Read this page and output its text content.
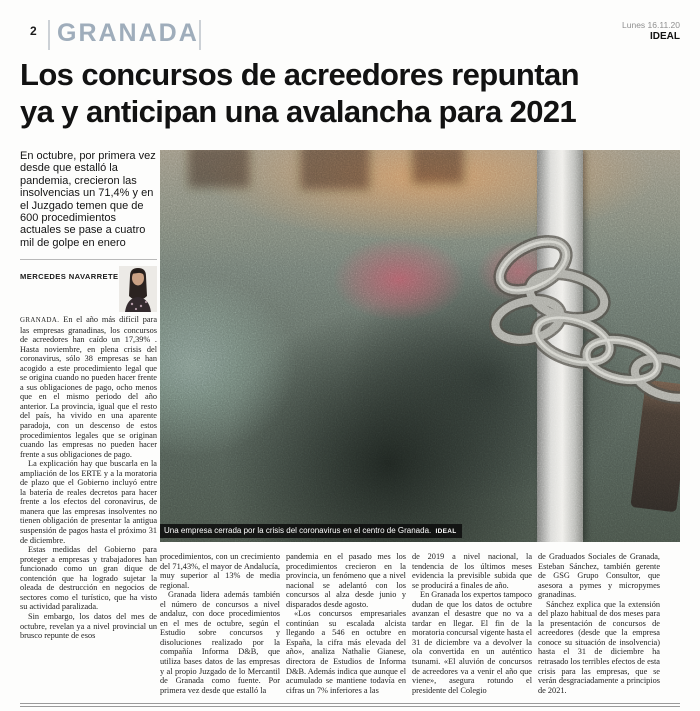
2 GRANADA	Lunes 16.11.20
IDEAL
Los concursos de acreedores repuntan
ya y anticipan una avalancha para 2021
En octubre, por primera vez desde que estalló la pandemia, crecieron las insolvencias un 71,4% y en el Juzgado temen que de 600 procedimientos actuales se pase a cuatro mil de golpe en enero
MERCEDES NAVARRETE
Una empresa cerrada por la crisis del coronavirus en el centro de Granada. IDEAL

GRANADA. En el año más difícil para las empresas granadinas, los concursos de acreedores han caído un 17,39% . Hasta noviembre, en plena crisis del coronavirus, sólo 38 empresas se han acogido a este procedimiento legal que se origina cuando no pueden hacer frente a sus obligaciones de pago, ocho menos que en el mismo periodo del año anterior. La provincia, igual que el resto del país, ha vivido en una aparente paradoja, con un descenso de estos procedimientos legales que se originan cuando las empresas no pueden hacer frente a sus obligaciones de pago.

La explicación hay que buscarla en la ampliación de los ERTE y a la moratoria de plazo que el Gobierno incluyó entre la batería de reales decretos para hacer frente a los efectos del coronavirus, de manera que las empresas insolventes no tienen obligación de presentar la antigua suspensión de pagos hasta el próximo 31 de diciembre.

Estas medidas del Gobierno para proteger a empresas y trabajadores han funcionado como un gran dique de contención que ha logrado sujetar la oleada de destrucción en negocios de sectores como el turístico, que ha visto su actividad paralizada.

Sin embargo, los datos del mes de octubre, revelan ya a nivel provincial un brusco repunte de esos

procedimientos, con un crecimiento del 71,43%, el mayor de Andalucía, muy superior al 13% de media regional.

Granada lidera además también el número de concursos a nivel andaluz, con doce procedimientos en el mes de octubre, según el Estudio sobre concursos y disoluciones realizado por la compañía Informa D&B, que utiliza bases datos de las empresas y al propio Juzgado de lo Mercantil de Granada como fuente. Por primera vez desde que estalló la

pandemia en el pasado mes los procedimientos crecieron en la provincia, un fenómeno que a nivel nacional se adelantó con los concursos al alza desde junio y disparados desde agosto.

«Los concursos empresariales continúan su escalada alcista llegando a 546 en octubre en España, la cifra más elevada del año», analiza Nathalie Gianese, directora de Estudios de Informa D&B. Además indica que aunque el acumulado se mantiene todavía en cifras un 7% inferiores a las

de 2019 a nivel nacional, la tendencia de los últimos meses evidencia la previsible subida que se producirá a finales de año.

En Granada los expertos tampoco dudan de que los datos de octubre avanzan el desastre que no va a tardar en llegar. El fin de la moratoria concursal vigente hasta el 31 de diciembre va a devolver la ola convertida en un auténtico tsunami. «El aluvión de concursos de acreedores va a venir el año que viene», asegura rotundo el presidente del Colegio

de Graduados Sociales de Granada, Esteban Sánchez, también gerente de GSG Grupo Consultor, que asesora a pymes y micropymes granadinas.

Sánchez explica que la extensión del plazo habitual de dos meses para la presentación de concursos de acreedores (desde que la empresa conoce su situación de insolvencia) hasta el 31 de diciembre ha retrasado los terribles efectos de esta crisis para las empresas, que se verán desgraciadamente a principios de 2021.
